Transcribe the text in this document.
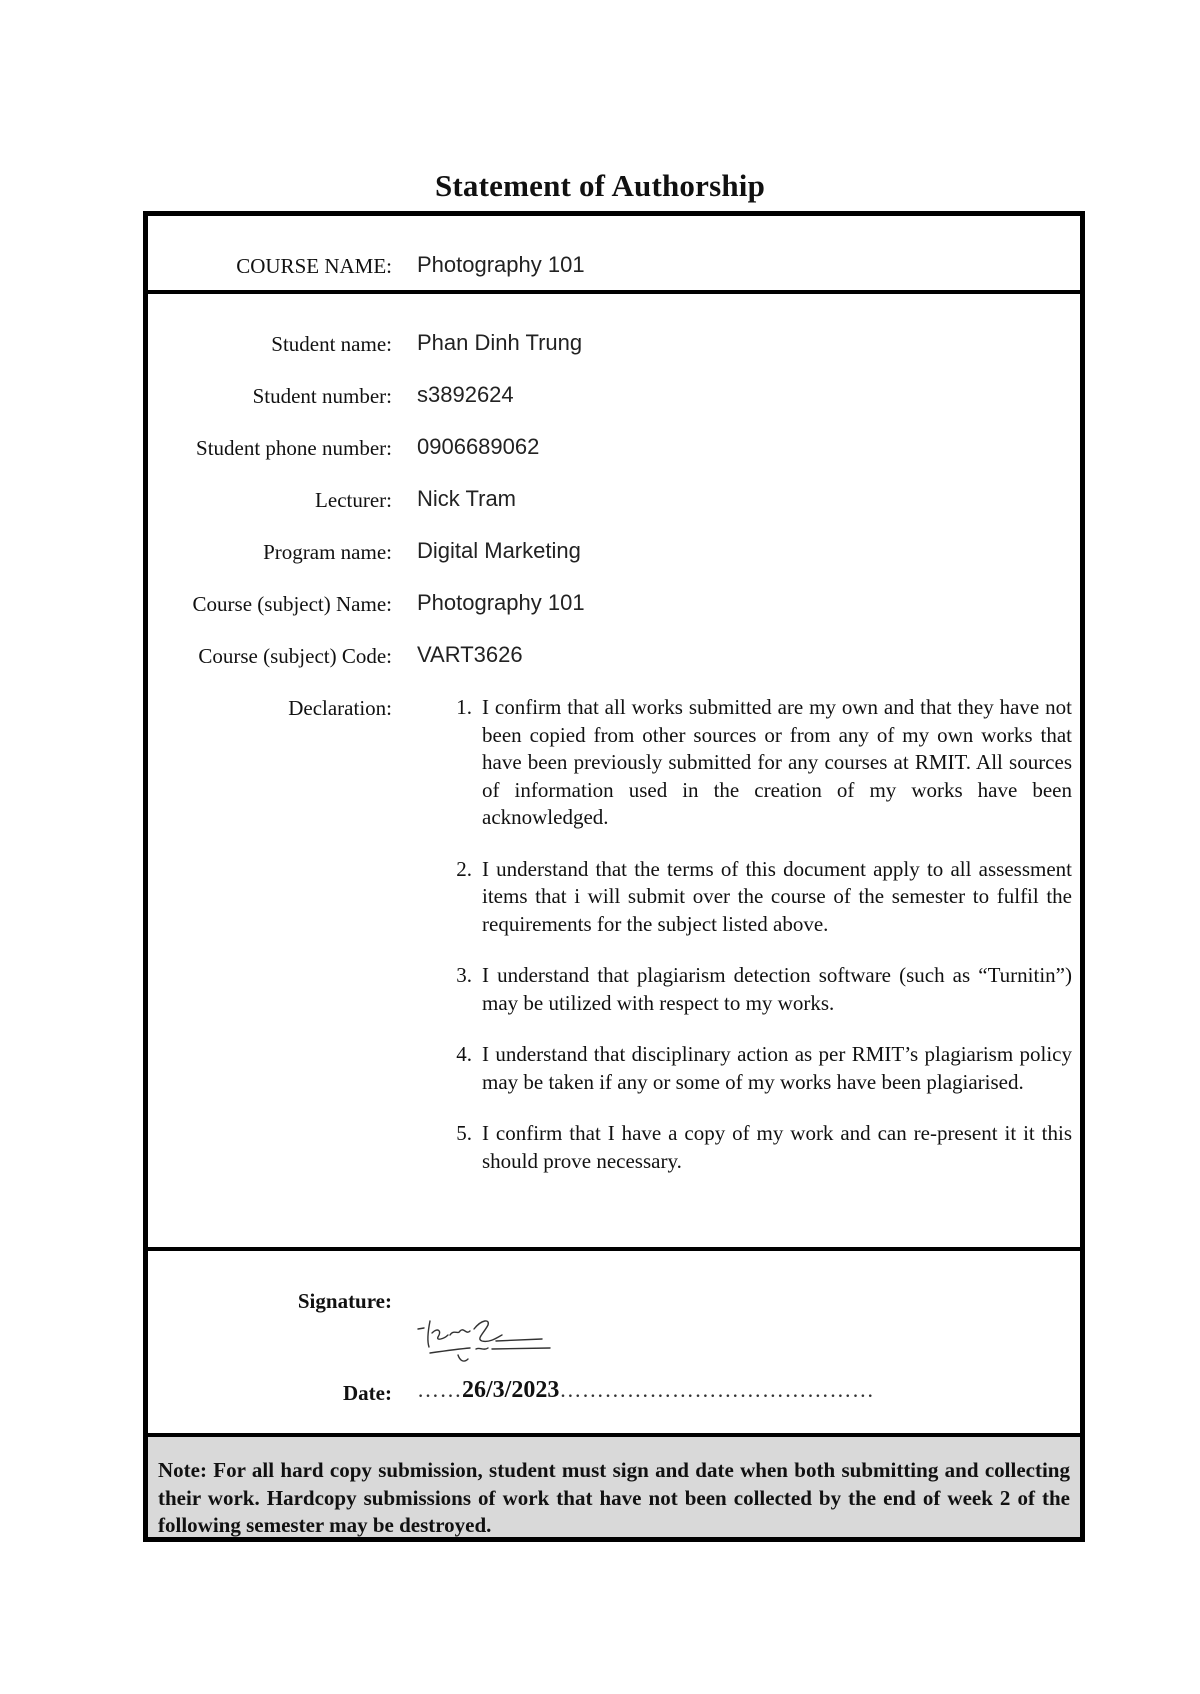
Statement of Authorship
COURSE NAME: Photography 101
Student name: Phan Dinh Trung
Student number: s3892624
Student phone number: 0906689062
Lecturer: Nick Tram
Program name: Digital Marketing
Course (subject) Name: Photography 101
Course (subject) Code: VART3626
Declaration:	1. I confirm that all works submitted are my own and that they have not been copied from other sources or from any of my own works that have been previously submitted for any courses at RMIT. All sources of information used in the creation of my works have been acknowledged.
2. I understand that the terms of this document apply to all assessment items that i will submit over the course of the semester to fulfil the requirements for the subject listed above.
3. I understand that plagiarism detection software (such as “Turnitin”) may be utilized with respect to my works.
4. I understand that disciplinary action as per RMIT’s plagiarism policy may be taken if any or some of my works have been plagiarised.
5. I confirm that I have a copy of my work and can re-present it it this should prove necessary.
Signature:
Date: ……26/3/2023……………………………………
Note: For all hard copy submission, student must sign and date when both submitting and collecting their work. Hardcopy submissions of work that have not been collected by the end of week 2 of the following semester may be destroyed.
